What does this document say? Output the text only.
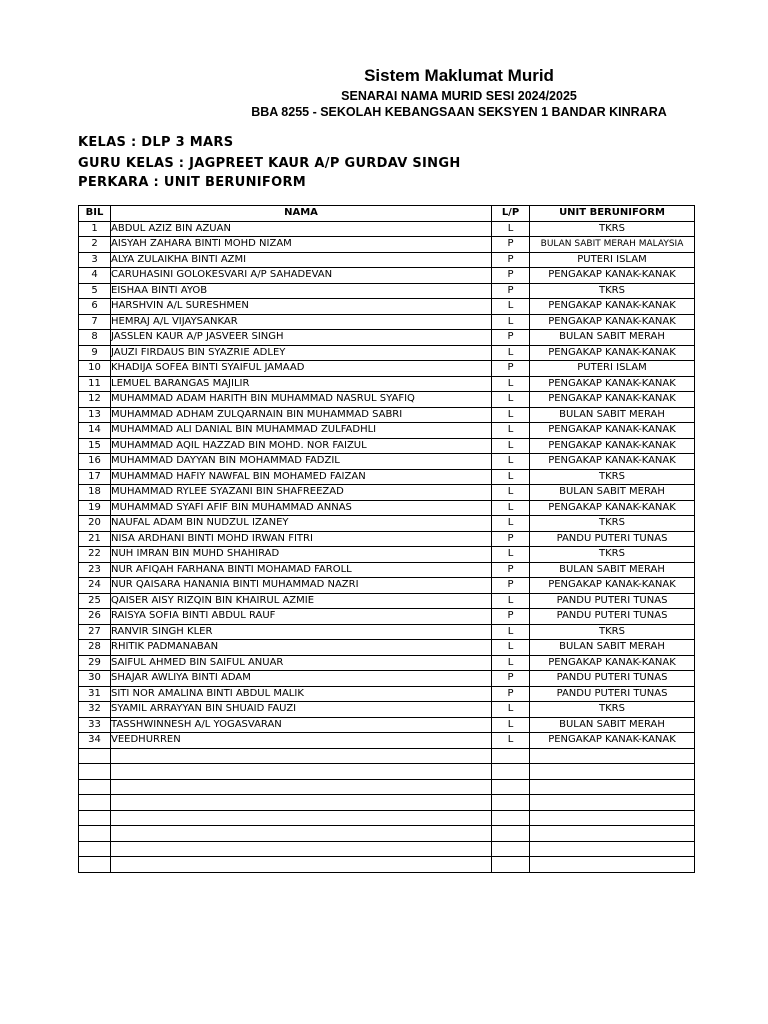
Sistem Maklumat Murid
SENARAI NAMA MURID SESI 2024/2025
BBA 8255 - SEKOLAH KEBANGSAAN SEKSYEN 1 BANDAR KINRARA
KELAS : DLP 3 MARS
GURU KELAS : JAGPREET KAUR A/P GURDAV SINGH
PERKARA : UNIT BERUNIFORM
BIL	NAMA	L/P	UNIT BERUNIFORM
1	ABDUL AZIZ BIN AZUAN	L	TKRS
2	AISYAH ZAHARA BINTI MOHD NIZAM	P	BULAN SABIT MERAH MALAYSIA
3	ALYA ZULAIKHA BINTI AZMI	P	PUTERI ISLAM
4	CARUHASINI GOLOKESVARI A/P SAHADEVAN	P	PENGAKAP KANAK-KANAK
5	EISHAA BINTI AYOB	P	TKRS
6	HARSHVIN A/L SURESHMEN	L	PENGAKAP KANAK-KANAK
7	HEMRAJ A/L VIJAYSANKAR	L	PENGAKAP KANAK-KANAK
8	JASSLEN KAUR A/P JASVEER SINGH	P	BULAN SABIT MERAH
9	JAUZI FIRDAUS BIN SYAZRIE ADLEY	L	PENGAKAP KANAK-KANAK
10	KHADIJA SOFEA BINTI SYAIFUL JAMAAD	P	PUTERI ISLAM
11	LEMUEL BARANGAS MAJILIR	L	PENGAKAP KANAK-KANAK
12	MUHAMMAD ADAM HARITH BIN MUHAMMAD NASRUL SYAFIQ	L	PENGAKAP KANAK-KANAK
13	MUHAMMAD ADHAM ZULQARNAIN BIN MUHAMMAD SABRI	L	BULAN SABIT MERAH
14	MUHAMMAD ALI DANIAL BIN MUHAMMAD ZULFADHLI	L	PENGAKAP KANAK-KANAK
15	MUHAMMAD AQIL HAZZAD BIN MOHD. NOR FAIZUL	L	PENGAKAP KANAK-KANAK
16	MUHAMMAD DAYYAN BIN MOHAMMAD FADZIL	L	PENGAKAP KANAK-KANAK
17	MUHAMMAD HAFIY NAWFAL BIN MOHAMED FAIZAN	L	TKRS
18	MUHAMMAD RYLEE SYAZANI BIN SHAFREEZAD	L	BULAN SABIT MERAH
19	MUHAMMAD SYAFI AFIF BIN MUHAMMAD ANNAS	L	PENGAKAP KANAK-KANAK
20	NAUFAL ADAM BIN NUDZUL IZANEY	L	TKRS
21	NISA ARDHANI BINTI MOHD IRWAN FITRI	P	PANDU PUTERI TUNAS
22	NUH IMRAN BIN MUHD SHAHIRAD	L	TKRS
23	NUR AFIQAH FARHANA BINTI MOHAMAD FAROLL	P	BULAN SABIT MERAH
24	NUR QAISARA HANANIA BINTI MUHAMMAD NAZRI	P	PENGAKAP KANAK-KANAK
25	QAISER AISY RIZQIN BIN KHAIRUL AZMIE	L	PANDU PUTERI TUNAS
26	RAISYA SOFIA BINTI ABDUL RAUF	P	PANDU PUTERI TUNAS
27	RANVIR SINGH KLER	L	TKRS
28	RHITIK PADMANABAN	L	BULAN SABIT MERAH
29	SAIFUL AHMED BIN SAIFUL ANUAR	L	PENGAKAP KANAK-KANAK
30	SHAJAR AWLIYA BINTI ADAM	P	PANDU PUTERI TUNAS
31	SITI NOR AMALINA BINTI ABDUL MALIK	P	PANDU PUTERI TUNAS
32	SYAMIL ARRAYYAN BIN SHUAID FAUZI	L	TKRS
33	TASSHWINNESH A/L YOGASVARAN	L	BULAN SABIT MERAH
34	VEEDHURREN	L	PENGAKAP KANAK-KANAK
